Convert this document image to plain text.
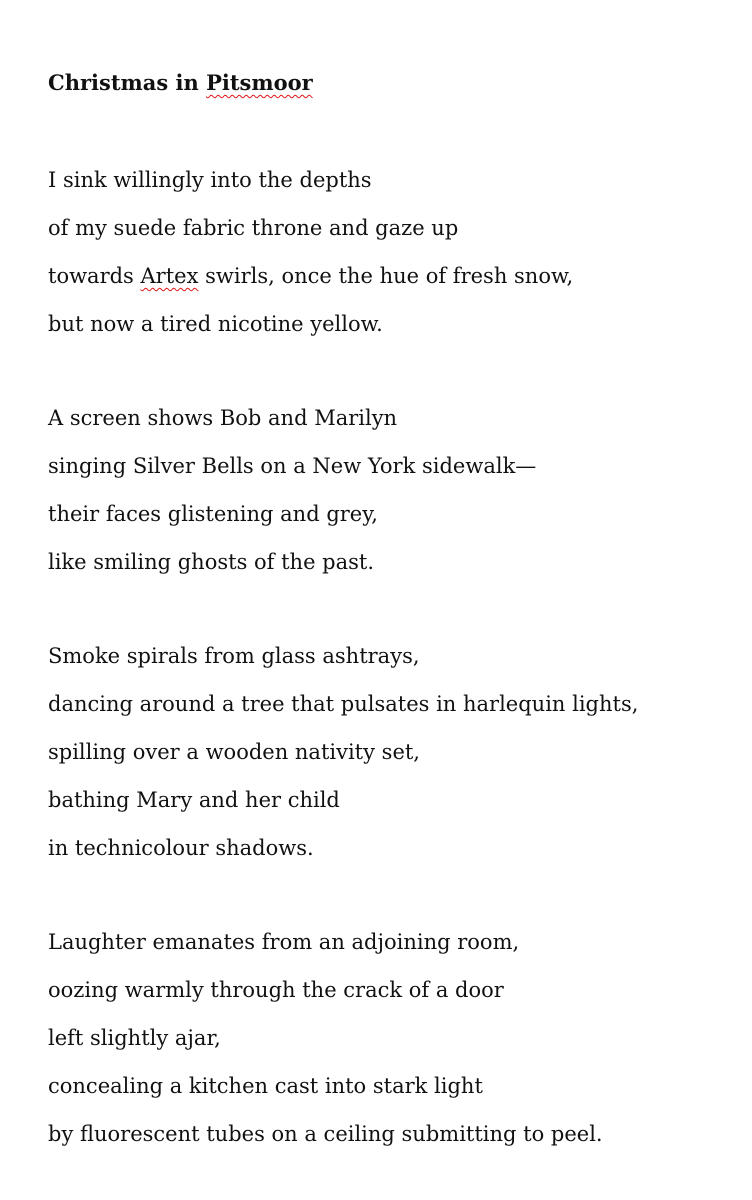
Christmas in Pitsmoor
I sink willingly into the depths
of my suede fabric throne and gaze up
towards Artex swirls, once the hue of fresh snow,
but now a tired nicotine yellow.
A screen shows Bob and Marilyn
singing Silver Bells on a New York sidewalk—
their faces glistening and grey,
like smiling ghosts of the past.
Smoke spirals from glass ashtrays,
dancing around a tree that pulsates in harlequin lights,
spilling over a wooden nativity set,
bathing Mary and her child
in technicolour shadows.
Laughter emanates from an adjoining room,
oozing warmly through the crack of a door
left slightly ajar,
concealing a kitchen cast into stark light
by fluorescent tubes on a ceiling submitting to peel.
